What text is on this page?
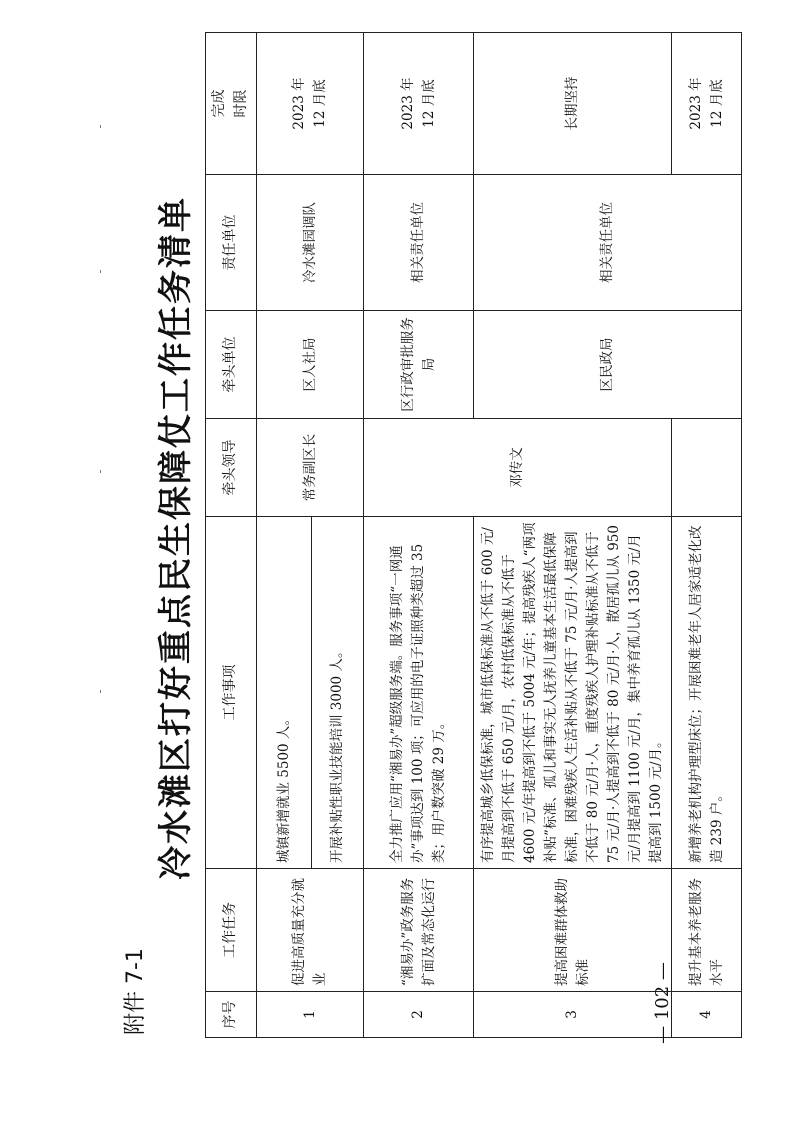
附件 7-1
冷水滩区打好重点民生保障仗工作任务清单
序号	工作任务	工作事项	牵头领导	牵头单位	责任单位	完成
时限
1	促进高质量充分就业	城镇新增就业 5500 人。	常务副区长	区人社局	冷水滩园调队	2023 年
12 月底
		开展补贴性职业技能培训 3000 人。				
2	“湘易办”政务服务扩面及常态化运行	全力推广应用“湘易办”超级服务端。服务事项“一网通办”事项达到 100 项；可应用的电子证照种类超过 35 类；用户数突破 29 万。	邓传文	区行政审批服务局	相关责任单位	2023 年
12 月底
3	提高困难群体救助标准	有序提高城乡低保标准，城市低保标准从不低于 600 元/月提高到不低于 650 元/月，农村低保标准从不低于 4600 元/年提高到不低于 5004 元/年；提高残疾人“两项补贴”标准、孤儿和事实无人抚养儿童基本生活最低保障标准，困难残疾人生活补贴从不低于 75 元/月·人提高到不低于 80 元/月·人，重度残疾人护理补贴标准从不低于 75 元/月·人提高到不低于 80 元/月·人，散居孤儿从 950 元/月提高到 1100 元/月，集中养育孤儿从 1350 元/月提高到 1500 元/月。		区民政局	相关责任单位	长期坚持
4	提升基本养老服务水平	新增养老机构护理型床位；开展困难老年人居家适老化改造 239 户。				2023 年
12 月底
— 102 —
